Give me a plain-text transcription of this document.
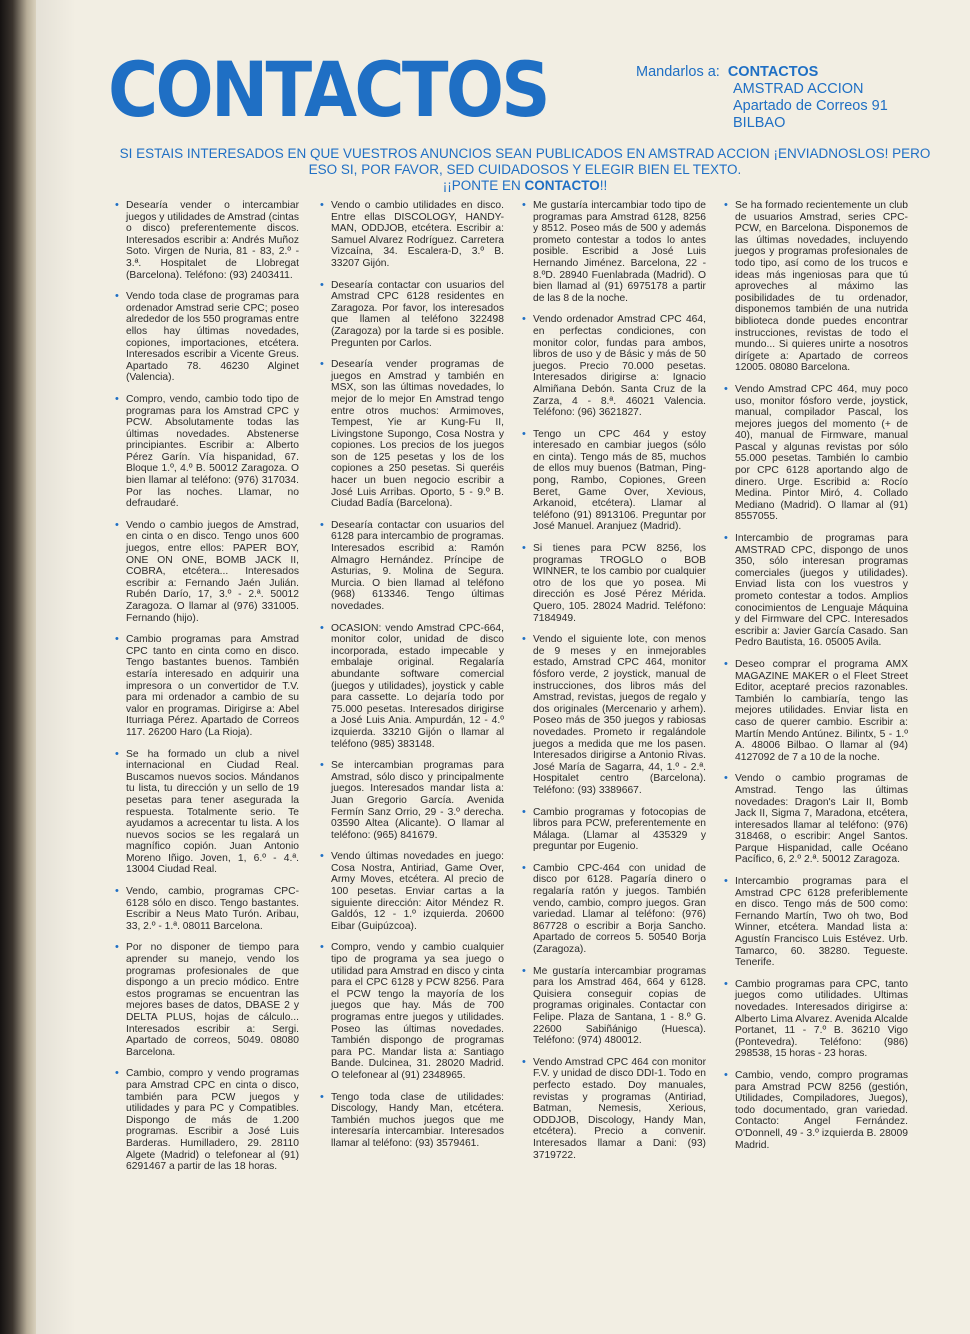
CONTACTOS	Mandarlos a: CONTACTOS
AMSTRAD ACCION
Apartado de Correos 91
BILBAO

SI ESTAIS INTERESADOS EN QUE VUESTROS ANUNCIOS SEAN PUBLICADOS EN AMSTRAD ACCION ¡ENVIADNOSLOS! PERO ESO SI, POR FAVOR, SED CUIDADOSOS Y ELEGIR BIEN EL TEXTO.
¡¡PONTE EN CONTACTO!!

• Desearía vender o intercambiar juegos y utilidades de Amstrad (cintas o disco) preferentemente discos. Interesados escribir a: Andrés Muñoz Soto. Virgen de Nuria, 81 - 83, 2.º - 3.ª. Hospitalet de Llobregat (Barcelona). Teléfono: (93) 2403411.

• Vendo toda clase de programas para ordenador Amstrad serie CPC; poseo alrededor de los 550 programas entre ellos hay últimas novedades, copiones, importaciones, etcétera. Interesados escribir a Vicente Greus. Apartado 78. 46230 Alginet (Valencia).

• Compro, vendo, cambio todo tipo de programas para los Amstrad CPC y PCW. Absolutamente todas las últimas novedades. Abstenerse principiantes. Escribir a: Alberto Pérez Garín. Vía hispanidad, 67. Bloque 1.º, 4.º B. 50012 Zaragoza. O bien llamar al teléfono: (976) 317034. Por las noches. Llamar, no defraudaré.

• Vendo o cambio juegos de Amstrad, en cinta o en disco. Tengo unos 600 juegos, entre ellos: PAPER BOY, ONE ON ONE, BOMB JACK II, COBRA, etcétera... Interesados escribir a: Fernando Jaén Julián. Rubén Darío, 17, 3.º - 2.ª. 50012 Zaragoza. O llamar al (976) 331005. Fernando (hijo).

• Cambio programas para Amstrad CPC tanto en cinta como en disco. Tengo bastantes buenos. También estaría interesado en adquirir una impresora o un convertidor de T.V. para mi ordenador a cambio de su valor en programas. Dirigirse a: Abel Iturriaga Pérez. Apartado de Correos 117. 26200 Haro (La Rioja).

• Se ha formado un club a nivel internacional en Ciudad Real. Buscamos nuevos socios. Mándanos tu lista, tu dirección y un sello de 19 pesetas para tener asegurada la respuesta. Totalmente serio. Te ayudamos a acrecentar tu lista. A los nuevos socios se les regalará un magnífico copión. Juan Antonio Moreno Iñigo. Joven, 1, 6.º - 4.ª. 13004 Ciudad Real.

• Vendo, cambio, programas CPC-6128 sólo en disco. Tengo bastantes. Escribir a Neus Mato Turón. Aribau, 33, 2.º - 1.ª. 08011 Barcelona.

• Por no disponer de tiempo para aprender su manejo, vendo los programas profesionales de que dispongo a un precio módico. Entre estos programas se encuentran las mejores bases de datos, DBASE 2 y DELTA PLUS, hojas de cálculo... Interesados escribir a: Sergi. Apartado de correos, 5049. 08080 Barcelona.

• Cambio, compro y vendo programas para Amstrad CPC en cinta o disco, también para PCW juegos y utilidades y para PC y Compatibles. Dispongo de más de 1.200 programas. Escribir a José Luis Barderas. Humilladero, 29. 28110 Algete (Madrid) o telefonear al (91) 6291467 a partir de las 18 horas.

• Vendo o cambio utilidades en disco. Entre ellas DISCOLOGY, HANDY-MAN, ODDJOB, etcétera. Escribir a: Samuel Alvarez Rodríguez. Carretera Vizcaína, 34. Escalera-D, 3.º B. 33207 Gijón.

• Desearía contactar con usuarios del Amstrad CPC 6128 residentes en Zaragoza. Por favor, los interesados que llamen al teléfono 322498 (Zaragoza) por la tarde si es posible. Pregunten por Carlos.

• Desearía vender programas de juegos en Amstrad y también en MSX, son las últimas novedades, lo mejor de lo mejor En Amstrad tengo entre otros muchos: Armimoves, Tempest, Yie ar Kung-Fu II, Livingstone Supongo, Cosa Nostra y copiones. Los precios de los juegos son de 125 pesetas y los de los copiones a 250 pesetas. Si queréis hacer un buen negocio escribir a José Luis Arribas. Oporto, 5 - 9.º B. Ciudad Badía (Barcelona).

• Desearía contactar con usuarios del 6128 para intercambio de programas. Interesados escribid a: Ramón Almagro Hernández. Príncipe de Asturias, 9. Molina de Segura. Murcia. O bien llamad al teléfono (968) 613346. Tengo últimas novedades.

• OCASION: vendo Amstrad CPC-664, monitor color, unidad de disco incorporada, estado impecable y embalaje original. Regalaría abundante software comercial (juegos y utilidades), joystick y cable para cassette. Lo dejaría todo por 75.000 pesetas. Interesados dirigirse a José Luis Ania. Ampurdán, 12 - 4.º izquierda. 33210 Gijón o llamar al teléfono (985) 383148.

• Se intercambian programas para Amstrad, sólo disco y principalmente juegos. Interesados mandar lista a: Juan Gregorio García. Avenida Fermín Sanz Orrio, 29 - 3.º derecha. 03590 Altea (Alicante). O llamar al teléfono: (965) 841679.

• Vendo últimas novedades en juego: Cosa Nostra, Antiriad, Game Over, Army Moves, etcétera. Al precio de 100 pesetas. Enviar cartas a la siguiente dirección: Aitor Méndez R. Galdós, 12 - 1.º izquierda. 20600 Eibar (Guipúzcoa).

• Compro, vendo y cambio cualquier tipo de programa ya sea juego o utilidad para Amstrad en disco y cinta para el CPC 6128 y PCW 8256. Para el PCW tengo la mayoría de los juegos que hay. Más de 700 programas entre juegos y utilidades. Poseo las últimas novedades. También dispongo de programas para PC. Mandar lista a: Santiago Bande. Dulcinea, 31. 28020 Madrid. O telefonear al (91) 2348965.

• Tengo toda clase de utilidades: Discology, Handy Man, etcétera. También muchos juegos que me interesaría intercambiar. Interesados llamar al teléfono: (93) 3579461.

• Me gustaría intercambiar todo tipo de programas para Amstrad 6128, 8256 y 8512. Poseo más de 500 y además prometo contestar a todos lo antes posible. Escribid a José Luis Hernando Jiménez. Barcelona, 22 - 8.ºD. 28940 Fuenlabrada (Madrid). O bien llamad al (91) 6975178 a partir de las 8 de la noche.

• Vendo ordenador Amstrad CPC 464, en perfectas condiciones, con monitor color, fundas para ambos, libros de uso y de Básic y más de 50 juegos. Precio 70.000 pesetas. Interesados dirigirse a: Ignacio Almiñana Debón. Santa Cruz de la Zarza, 4 - 8.ª. 46021 Valencia. Teléfono: (96) 3621827.

• Tengo un CPC 464 y estoy interesado en cambiar juegos (sólo en cinta). Tengo más de 85, muchos de ellos muy buenos (Batman, Ping-pong, Rambo, Copiones, Green Beret, Game Over, Xevious, Arkanoid, etcétera). Llamar al teléfono (91) 8913106. Preguntar por José Manuel. Aranjuez (Madrid).

• Si tienes para PCW 8256, los programas TROGLO o BOB WINNER, te los cambio por cualquier otro de los que yo posea. Mi dirección es José Pérez Mérida. Quero, 105. 28024 Madrid. Teléfono: 7184949.

• Vendo el siguiente lote, con menos de 9 meses y en inmejorables estado, Amstrad CPC 464, monitor fósforo verde, 2 joystick, manual de instrucciones, dos libros más del Amstrad, revistas, juegos de regalo y dos originales (Mercenario y arhem). Poseo más de 350 juegos y rabiosas novedades. Prometo ir regalándole juegos a medida que me los pasen. Interesados dirigirse a Antonio Rivas. José María de Sagarra, 44, 1.º - 2.ª. Hospitalet centro (Barcelona). Teléfono: (93) 3389667.

• Cambio programas y fotocopias de libros para PCW, preferentemente en Málaga. (Llamar al 435329 y preguntar por Eugenio.

• Cambio CPC-464 con unidad de disco por 6128. Pagaría dinero o regalaría ratón y juegos. También vendo, cambio, compro juegos. Gran variedad. Llamar al teléfono: (976) 867728 o escribir a Borja Sancho. Apartado de correos 5. 50540 Borja (Zaragoza).

• Me gustaría intercambiar programas para los Amstrad 464, 664 y 6128. Quisiera conseguir copias de programas originales. Contactar con Felipe. Plaza de Santana, 1 - 8.º G. 22600 Sabiñánigo (Huesca). Teléfono: (974) 480012.

• Vendo Amstrad CPC 464 con monitor F.V. y unidad de disco DDI-1. Todo en perfecto estado. Doy manuales, revistas y programas (Antiriad, Batman, Nemesis, Xerious, ODDJOB, Discology, Handy Man, etcétera). Precio a convenir. Interesados llamar a Dani: (93) 3719722.

• Se ha formado recientemente un club de usuarios Amstrad, series CPC-PCW, en Barcelona. Disponemos de las últimas novedades, incluyendo juegos y programas profesionales de todo tipo, así como de los trucos e ideas más ingeniosas para que tú aproveches al máximo las posibilidades de tu ordenador, disponemos también de una nutrida biblioteca donde puedes encontrar instrucciones, revistas de todo el mundo... Si quieres unirte a nosotros dirígete a: Apartado de correos 12005. 08080 Barcelona.

• Vendo Amstrad CPC 464, muy poco uso, monitor fósforo verde, joystick, manual, compilador Pascal, los mejores juegos del momento (+ de 40), manual de Firmware, manual Pascal y algunas revistas por sólo 55.000 pesetas. También lo cambio por CPC 6128 aportando algo de dinero. Urge. Escribid a: Rocío Medina. Pintor Miró, 4. Collado Mediano (Madrid). O llamar al (91) 8557055.

• Intercambio de programas para AMSTRAD CPC, dispongo de unos 350, sólo interesan programas comerciales (juegos y utilidades). Enviad lista con los vuestros y prometo contestar a todos. Amplios conocimientos de Lenguaje Máquina y del Firmware del CPC. Interesados escribir a: Javier García Casado. San Pedro Bautista, 16. 05005 Avila.

• Deseo comprar el programa AMX MAGAZINE MAKER o el Fleet Street Editor, aceptaré precios razonables. También lo cambiaría, tengo las mejores utilidades. Enviar lista en caso de querer cambio. Escribir a: Martín Mendo Antúnez. Bilintx, 5 - 1.º A. 48006 Bilbao. O llamar al (94) 4127092 de 7 a 10 de la noche.

• Vendo o cambio programas de Amstrad. Tengo las últimas novedades: Dragon's Lair II, Bomb Jack II, Sigma 7, Maradona, etcétera, interesados llamar al teléfono: (976) 318468, o escribir: Angel Santos. Parque Hispanidad, calle Océano Pacífico, 6, 2.º 2.ª. 50012 Zaragoza.

• Intercambio programas para el Amstrad CPC 6128 preferiblemente en disco. Tengo más de 500 como: Fernando Martín, Two oh two, Bod Winner, etcétera. Mandad lista a: Agustín Francisco Luis Estévez. Urb. Tamarco, 60. 38280. Tegueste. Tenerife.

• Cambio programas para CPC, tanto juegos como utilidades. Ultimas novedades. Interesados dirigirse a: Alberto Lima Alvarez. Avenida Alcalde Portanet, 11 - 7.º B. 36210 Vigo (Pontevedra). Teléfono: (986) 298538, 15 horas - 23 horas.

• Cambio, vendo, compro programas para Amstrad PCW 8256 (gestión, Utilidades, Compiladores, Juegos), todo documentado, gran variedad. Contacto: Angel Fernández. O'Donnell, 49 - 3.º izquierda B. 28009 Madrid.
